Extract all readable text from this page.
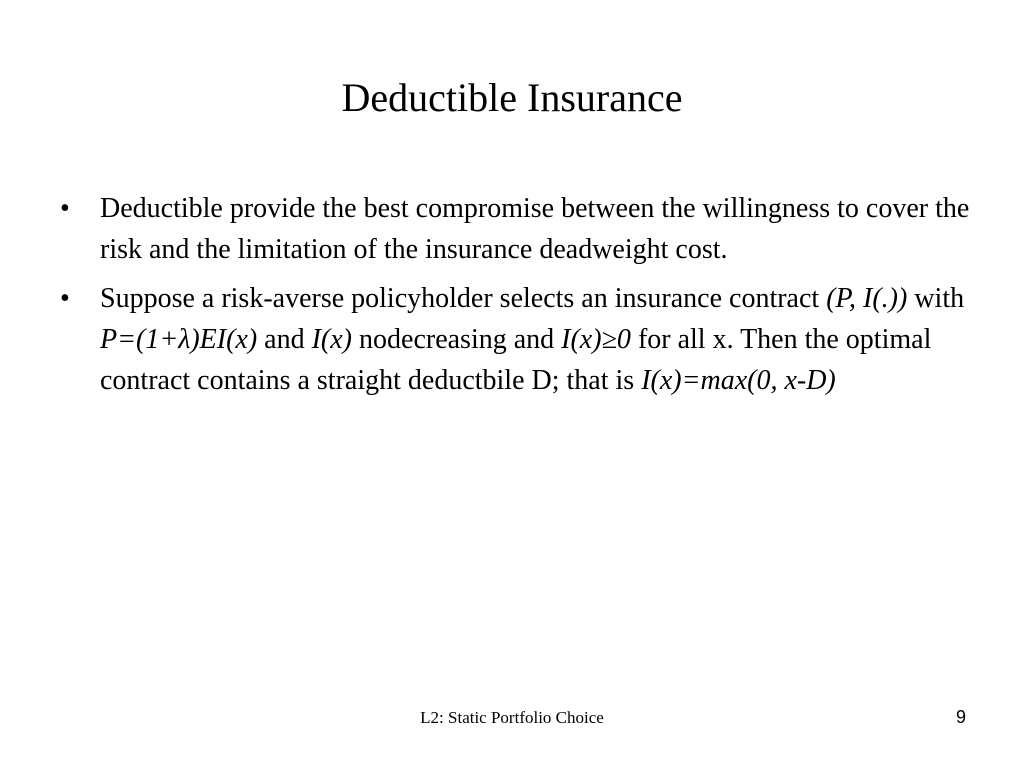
Deductible Insurance
•	Deductible provide the best compromise between the willingness to cover the risk and the limitation of the insurance deadweight cost.
•	Suppose a risk-averse policyholder selects an insurance contract (P, I(.)) with P=(1+λ)EI(x) and I(x) nodecreasing and I(x)≥0 for all x. Then the optimal contract contains a straight deductbile D; that is I(x)=max(0, x-D)
L2: Static Portfolio Choice	9
